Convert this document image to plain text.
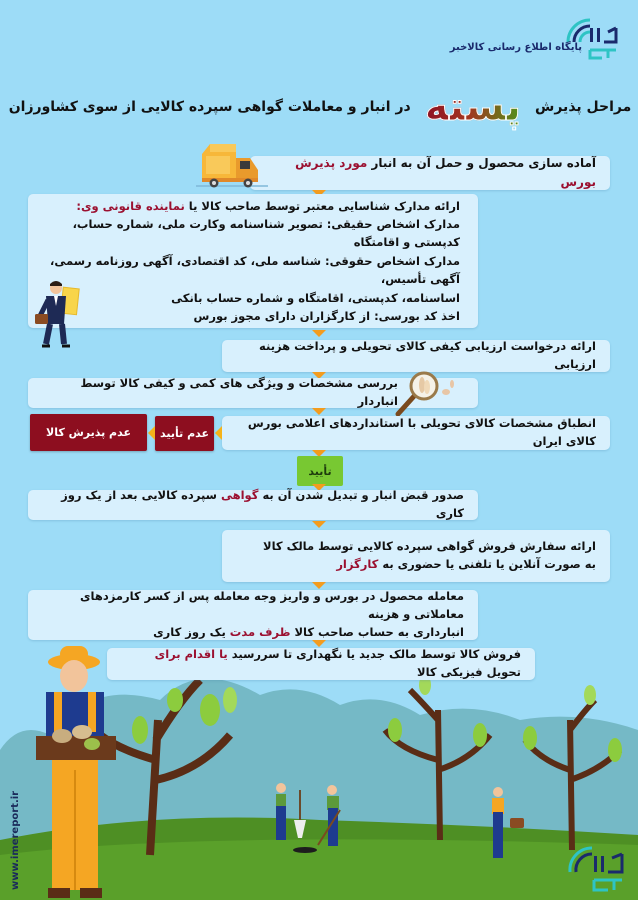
پایگاه اطلاع رسانی کالاخبر
مراحل پذیرش
پسته
در انبار و معاملات گواهی سپرده کالایی از سوی کشاورزان
آماده سازی محصول و حمل آن به انبار مورد پذیرش بورس
ارائه مدارک شناسایی معتبر توسط صاحب کالا یا نماینده قانونی وی:
مدارک اشخاص حقیقی: تصویر شناسنامه وکارت ملی، شماره حساب، کدپستی و اقامتگاه
مدارک اشخاص حقوقی: شناسه ملی، کد اقتصادی، آگهی روزنامه رسمی، آگهی تأسیس،
اساسنامه، کدپستی، اقامتگاه و شماره حساب بانکی
اخذ کد بورسی: از کارگزاران دارای مجوز بورس
ارائه درخواست ارزیابی کیفی کالای تحویلی و پرداخت هزینه ارزیابی
بررسی مشخصات و ویژگی های کمی و کیفی کالا توسط انباردار
انطباق مشخصات کالای تحویلی با استانداردهای اعلامی بورس کالای ایران
عدم تأیید
عدم پذیرش کالا
تأیید
صدور قبض انبار و تبدیل شدن آن به گواهی سپرده کالایی بعد از یک روز کاری
ارائه سفارش فروش گواهی سپرده کالایی توسط مالک کالا
به صورت آنلاین یا تلفنی یا حضوری به کارگزار
معامله محصول در بورس و واریز وجه معامله پس از کسر کارمزدهای معاملاتی و هزینه
انبارداری به حساب صاحب کالا ظرف مدت یک روز کاری
فروش کالا توسط مالک جدید یا نگهداری تا سررسید یا اقدام برای تحویل فیزیکی کالا
www.imereport.ir
